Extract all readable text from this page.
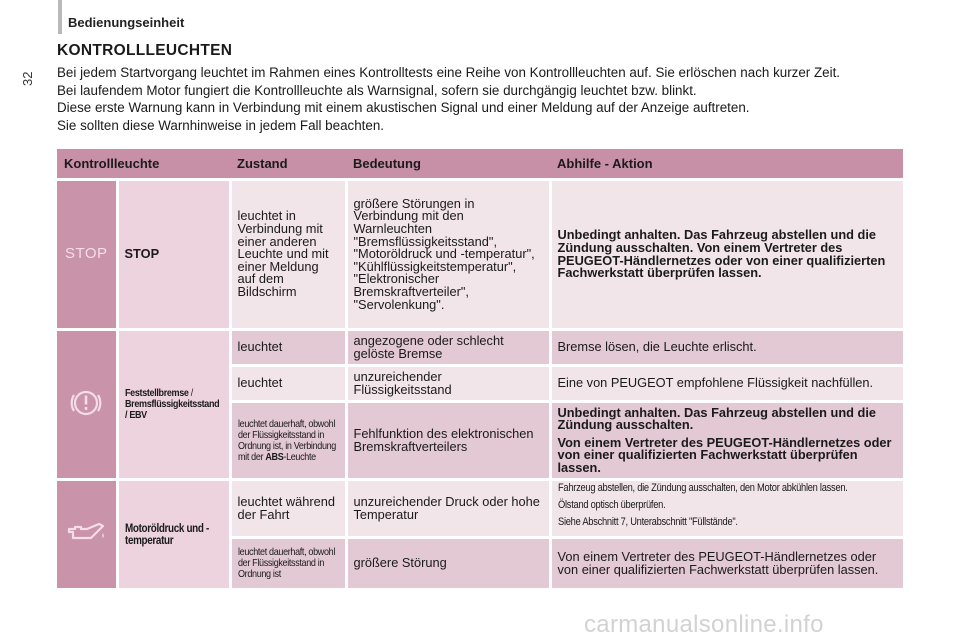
Bedienungseinheit
32
KONTROLLLEUCHTEN

Bei jedem Startvorgang leuchtet im Rahmen eines Kontrolltests eine Reihe von Kontrollleuchten auf. Sie erlöschen nach kurzer Zeit.

Bei laufendem Motor fungiert die Kontrollleuchte als Warnsignal, sofern sie durchgängig leuchtet bzw. blinkt.

Diese erste Warnung kann in Verbindung mit einem akustischen Signal und einer Meldung auf der Anzeige auftreten.

Sie sollten diese Warnhinweise in jedem Fall beachten.

Kontrollleuchte		Zustand	Bedeutung	Abhilfe - Aktion
STOP	STOP	leuchtet in Verbindung mit einer anderen Leuchte und mit einer Meldung auf dem Bildschirm	größere Störungen in Verbindung mit den Warnleuchten "Bremsflüssigkeitsstand", "Motoröldruck und -temperatur", "Kühlflüssigkeitstemperatur", "Elektronischer Bremskraftverteiler", "Servolenkung".	Unbedingt anhalten. Das Fahrzeug abstellen und die Zündung ausschalten. Von einem Vertreter des PEUGEOT-Händlernetzes oder von einer qualifizierten Fachwerkstatt überprüfen lassen.

Feststellbremse / Bremsflüssigkeitsstand / EBV	leuchtet	angezogene oder schlecht gelöste Bremse	Bremse lösen, die Leuchte erlischt.
		leuchtet	unzureichender Flüssigkeitsstand	Eine von PEUGEOT empfohlene Flüssigkeit nachfüllen.

		leuchtet dauerhaft, obwohl der Flüssigkeitsstand in Ordnung ist, in Verbindung mit der ABS-Leuchte	Fehlfunktion des elektronischen Bremskraftverteilers	Unbedingt anhalten. Das Fahrzeug abstellen und die Zündung ausschalten.

Von einem Vertreter des PEUGEOT-Händlernetzes oder von einer qualifizierten Fachwerkstatt überprüfen lassen.

Motoröldruck und -temperatur	leuchtet während der Fahrt	unzureichender Druck oder hohe Temperatur	Fahrzeug abstellen, die Zündung ausschalten, den Motor abkühlen lassen.

Ölstand optisch überprüfen.

Siehe Abschnitt 7, Unterabschnitt "Füllstände".

		leuchtet dauerhaft, obwohl der Flüssigkeitsstand in Ordnung ist	größere Störung	Von einem Vertreter des PEUGEOT-Händlernetzes oder von einer qualifizierten Fachwerkstatt überprüfen lassen.
carmanualsonline.info
